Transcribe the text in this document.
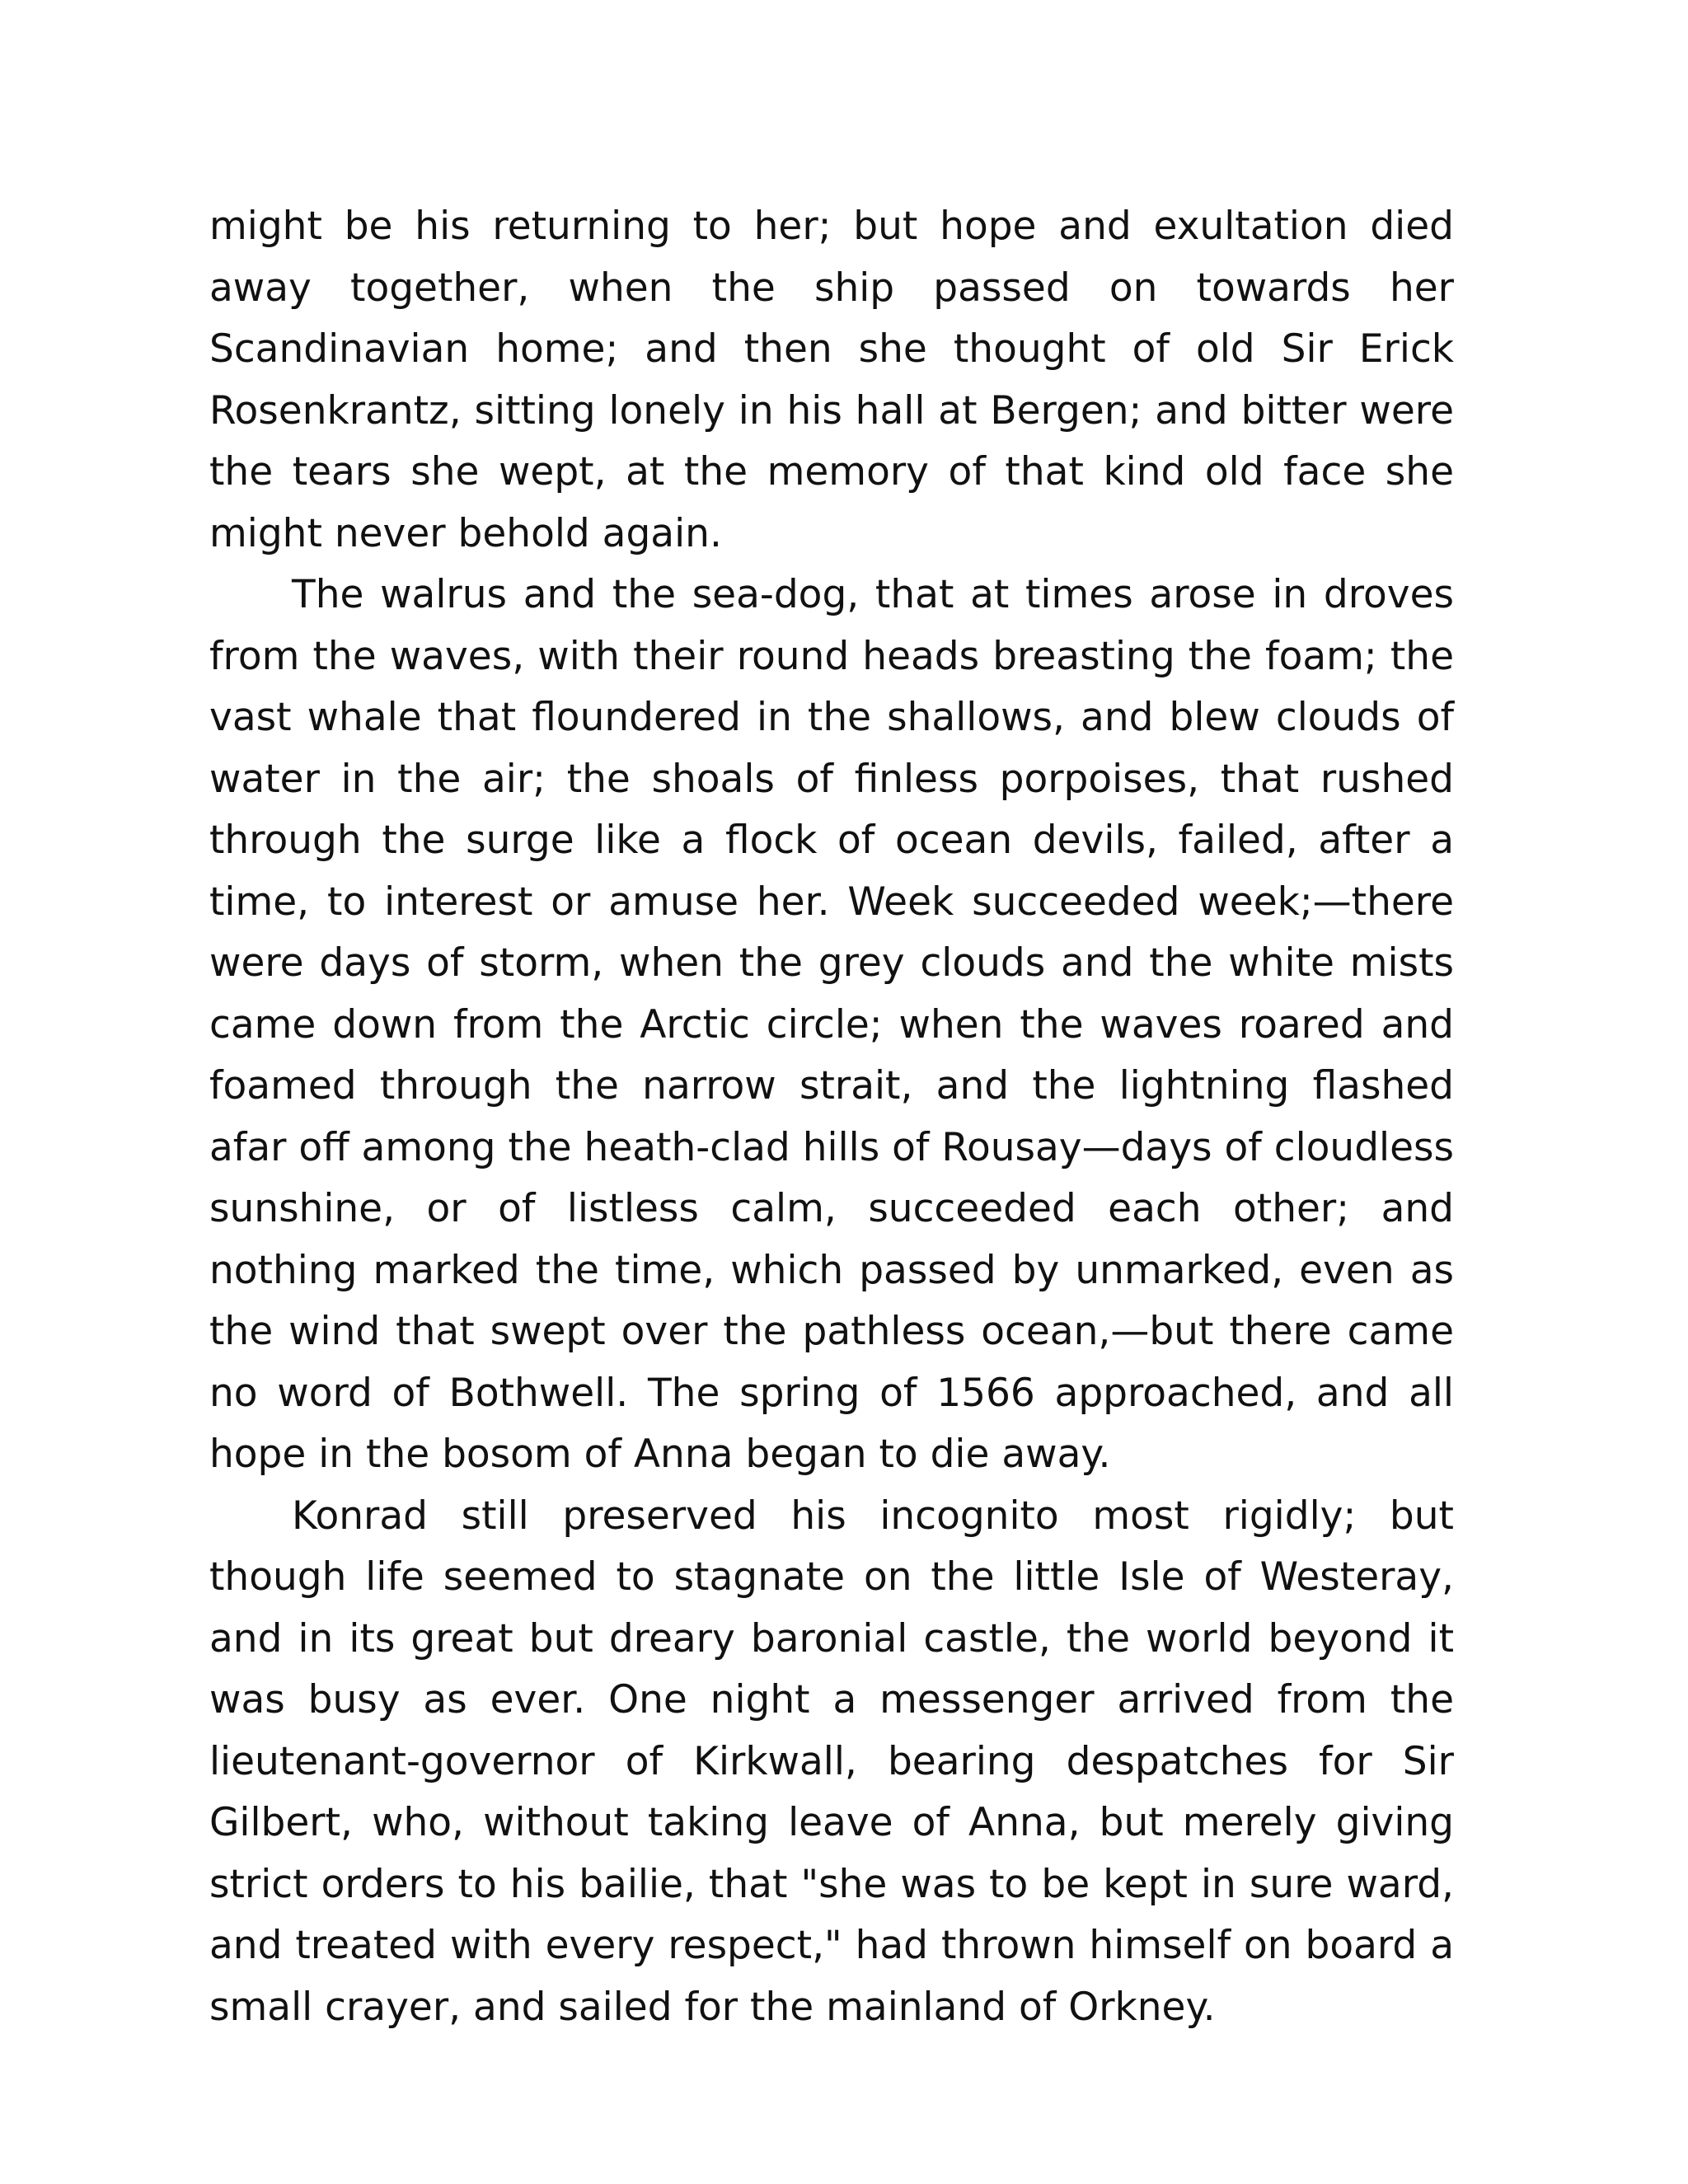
might be his returning to her; but hope and exultation died away together, when the ship passed on towards her Scandinavian home; and then she thought of old Sir Erick Rosenkrantz, sitting lonely in his hall at Bergen; and bitter were the tears she wept, at the memory of that kind old face she might never behold again.

The walrus and the sea-dog, that at times arose in droves from the waves, with their round heads breasting the foam; the vast whale that floundered in the shallows, and blew clouds of water in the air; the shoals of finless porpoises, that rushed through the surge like a flock of ocean devils, failed, after a time, to interest or amuse her. Week succeeded week;—there were days of storm, when the grey clouds and the white mists came down from the Arctic circle; when the waves roared and foamed through the narrow strait, and the lightning flashed afar off among the heath-clad hills of Rousay—days of cloudless sunshine, or of listless calm, succeeded each other; and nothing marked the time, which passed by unmarked, even as the wind that swept over the pathless ocean,—but there came no word of Bothwell. The spring of 1566 approached, and all hope in the bosom of Anna began to die away.

Konrad still preserved his incognito most rigidly; but though life seemed to stagnate on the little Isle of Westeray, and in its great but dreary baronial castle, the world beyond it was busy as ever. One night a messenger arrived from the lieutenant-governor of Kirkwall, bearing despatches for Sir Gilbert, who, without taking leave of Anna, but merely giving strict orders to his bailie, that "she was to be kept in sure ward, and treated with every respect," had thrown himself on board a small crayer, and sailed for the mainland of Orkney.
